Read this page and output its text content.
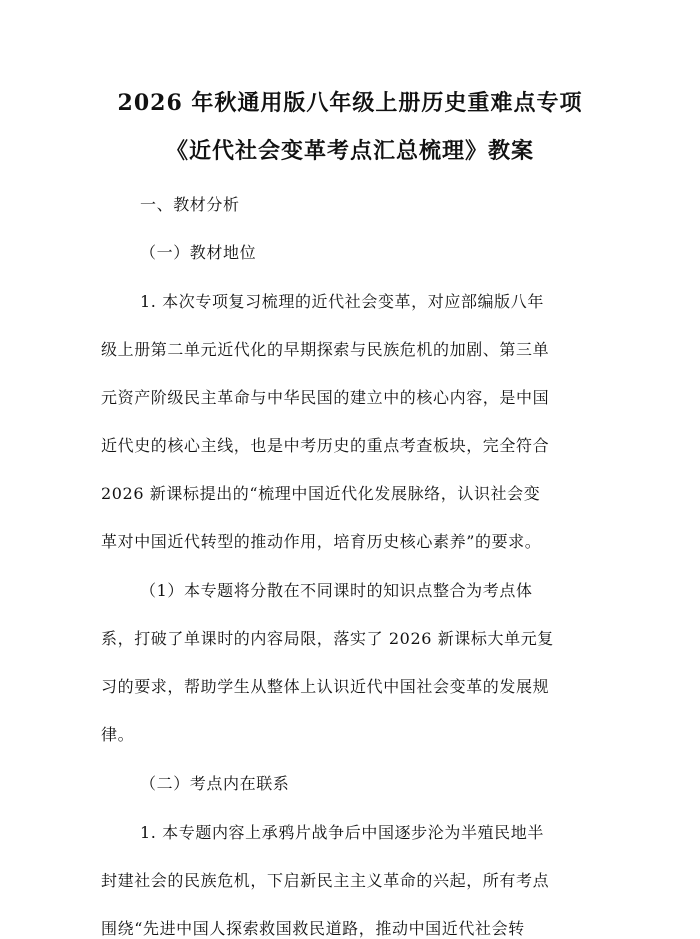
2026 年秋通用版八年级上册历史重难点专项
《近代社会变革考点汇总梳理》教案
一、教材分析
（一）教材地位
1. 本次专项复习梳理的近代社会变革，对应部编版八年
级上册第二单元近代化的早期探索与民族危机的加剧、第三单
元资产阶级民主革命与中华民国的建立中的核心内容，是中国
近代史的核心主线，也是中考历史的重点考查板块，完全符合
2026 新课标提出的“梳理中国近代化发展脉络，认识社会变
革对中国近代转型的推动作用，培育历史核心素养”的要求。
（1）本专题将分散在不同课时的知识点整合为考点体
系，打破了单课时的内容局限，落实了 2026 新课标大单元复
习的要求，帮助学生从整体上认识近代中国社会变革的发展规
律。
（二）考点内在联系
1. 本专题内容上承鸦片战争后中国逐步沦为半殖民地半
封建社会的民族危机，下启新民主主义革命的兴起，所有考点
围绕“先进中国人探索救国救民道路，推动中国近代社会转
